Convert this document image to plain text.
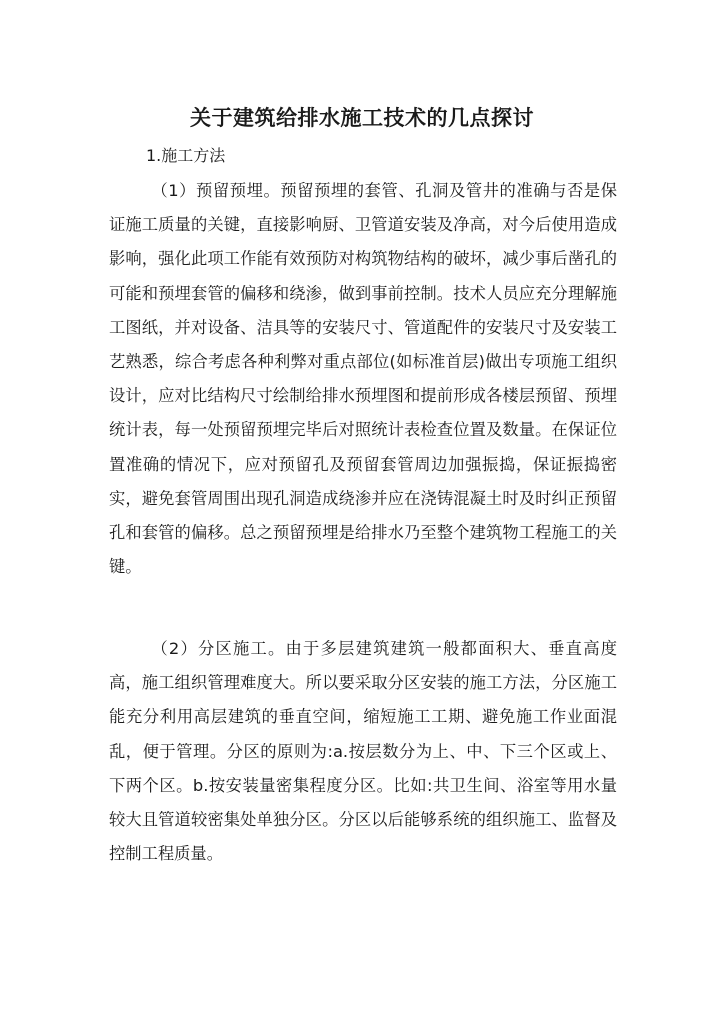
关于建筑给排水施工技术的几点探讨
1.施工方法

（1）预留预埋。预留预埋的套管、孔洞及管井的准确与否是保证施工质量的关键，直接影响厨、卫管道安装及净高，对今后使用造成影响，强化此项工作能有效预防对构筑物结构的破坏，减少事后凿孔的可能和预埋套管的偏移和绕渗，做到事前控制。技术人员应充分理解施工图纸，并对设备、洁具等的安装尺寸、管道配件的安装尺寸及安装工艺熟悉，综合考虑各种利弊对重点部位(如标准首层)做出专项施工组织设计，应对比结构尺寸绘制给排水预埋图和提前形成各楼层预留、预埋统计表，每一处预留预埋完毕后对照统计表检查位置及数量。在保证位置准确的情况下，应对预留孔及预留套管周边加强振捣，保证振捣密实，避免套管周围出现孔洞造成绕渗并应在浇铸混凝土时及时纠正预留孔和套管的偏移。总之预留预埋是给排水乃至整个建筑物工程施工的关键。

（2）分区施工。由于多层建筑建筑一般都面积大、垂直高度高，施工组织管理难度大。所以要采取分区安装的施工方法，分区施工能充分利用高层建筑的垂直空间，缩短施工工期、避免施工作业面混乱，便于管理。分区的原则为:a.按层数分为上、中、下三个区或上、下两个区。b.按安装量密集程度分区。比如:共卫生间、浴室等用水量较大且管道较密集处单独分区。分区以后能够系统的组织施工、监督及控制工程质量。
